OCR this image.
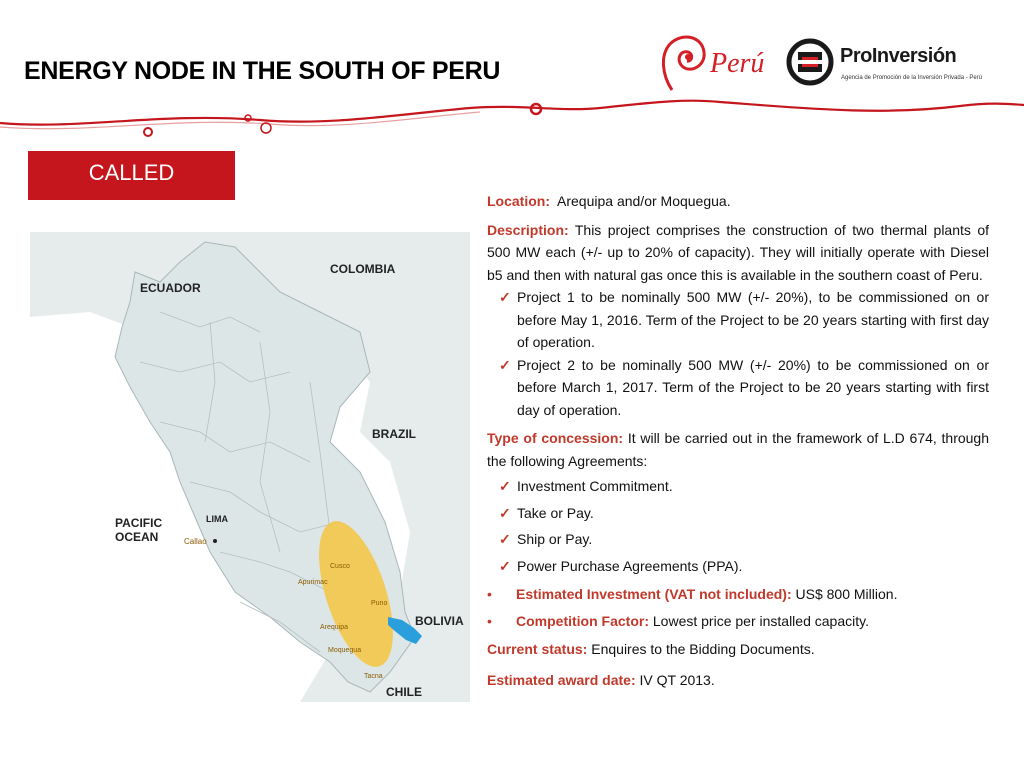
ENERGY NODE IN THE SOUTH OF PERU	Perú	ProInversión
Agencia de Promoción de la Inversión Privada - Perú
CALLED
ECUADOR
COLOMBIA
BRAZIL
PACIFIC
OCEAN
LIMA
Callao
BOLIVIA
CHILE
Cusco
Apurimac
Puno
Arequipa
Moquegua
Tacna

Location: Arequipa and/or Moquegua.

Description: This project comprises the construction of two thermal plants of 500 MW each (+/- up to 20% of capacity). They will initially operate with Diesel b5 and then with natural gas once this is available in the southern coast of Peru.

✓ Project 1 to be nominally 500 MW (+/- 20%), to be commissioned on or before May 1, 2016. Term of the Project to be 20 years starting with first day of operation.
✓ Project 2 to be nominally 500 MW (+/- 20%) to be commissioned on or before March 1, 2017. Term of the Project to be 20 years starting with first day of operation.

Type of concession: It will be carried out in the framework of L.D 674, through the following Agreements:

✓ Investment Commitment.
✓ Take or Pay.
✓ Ship or Pay.
✓ Power Purchase Agreements (PPA).
• Estimated Investment (VAT not included): US$ 800 Million.
• Competition Factor: Lowest price per installed capacity.

Current status: Enquires to the Bidding Documents.

Estimated award date: IV QT 2013.
